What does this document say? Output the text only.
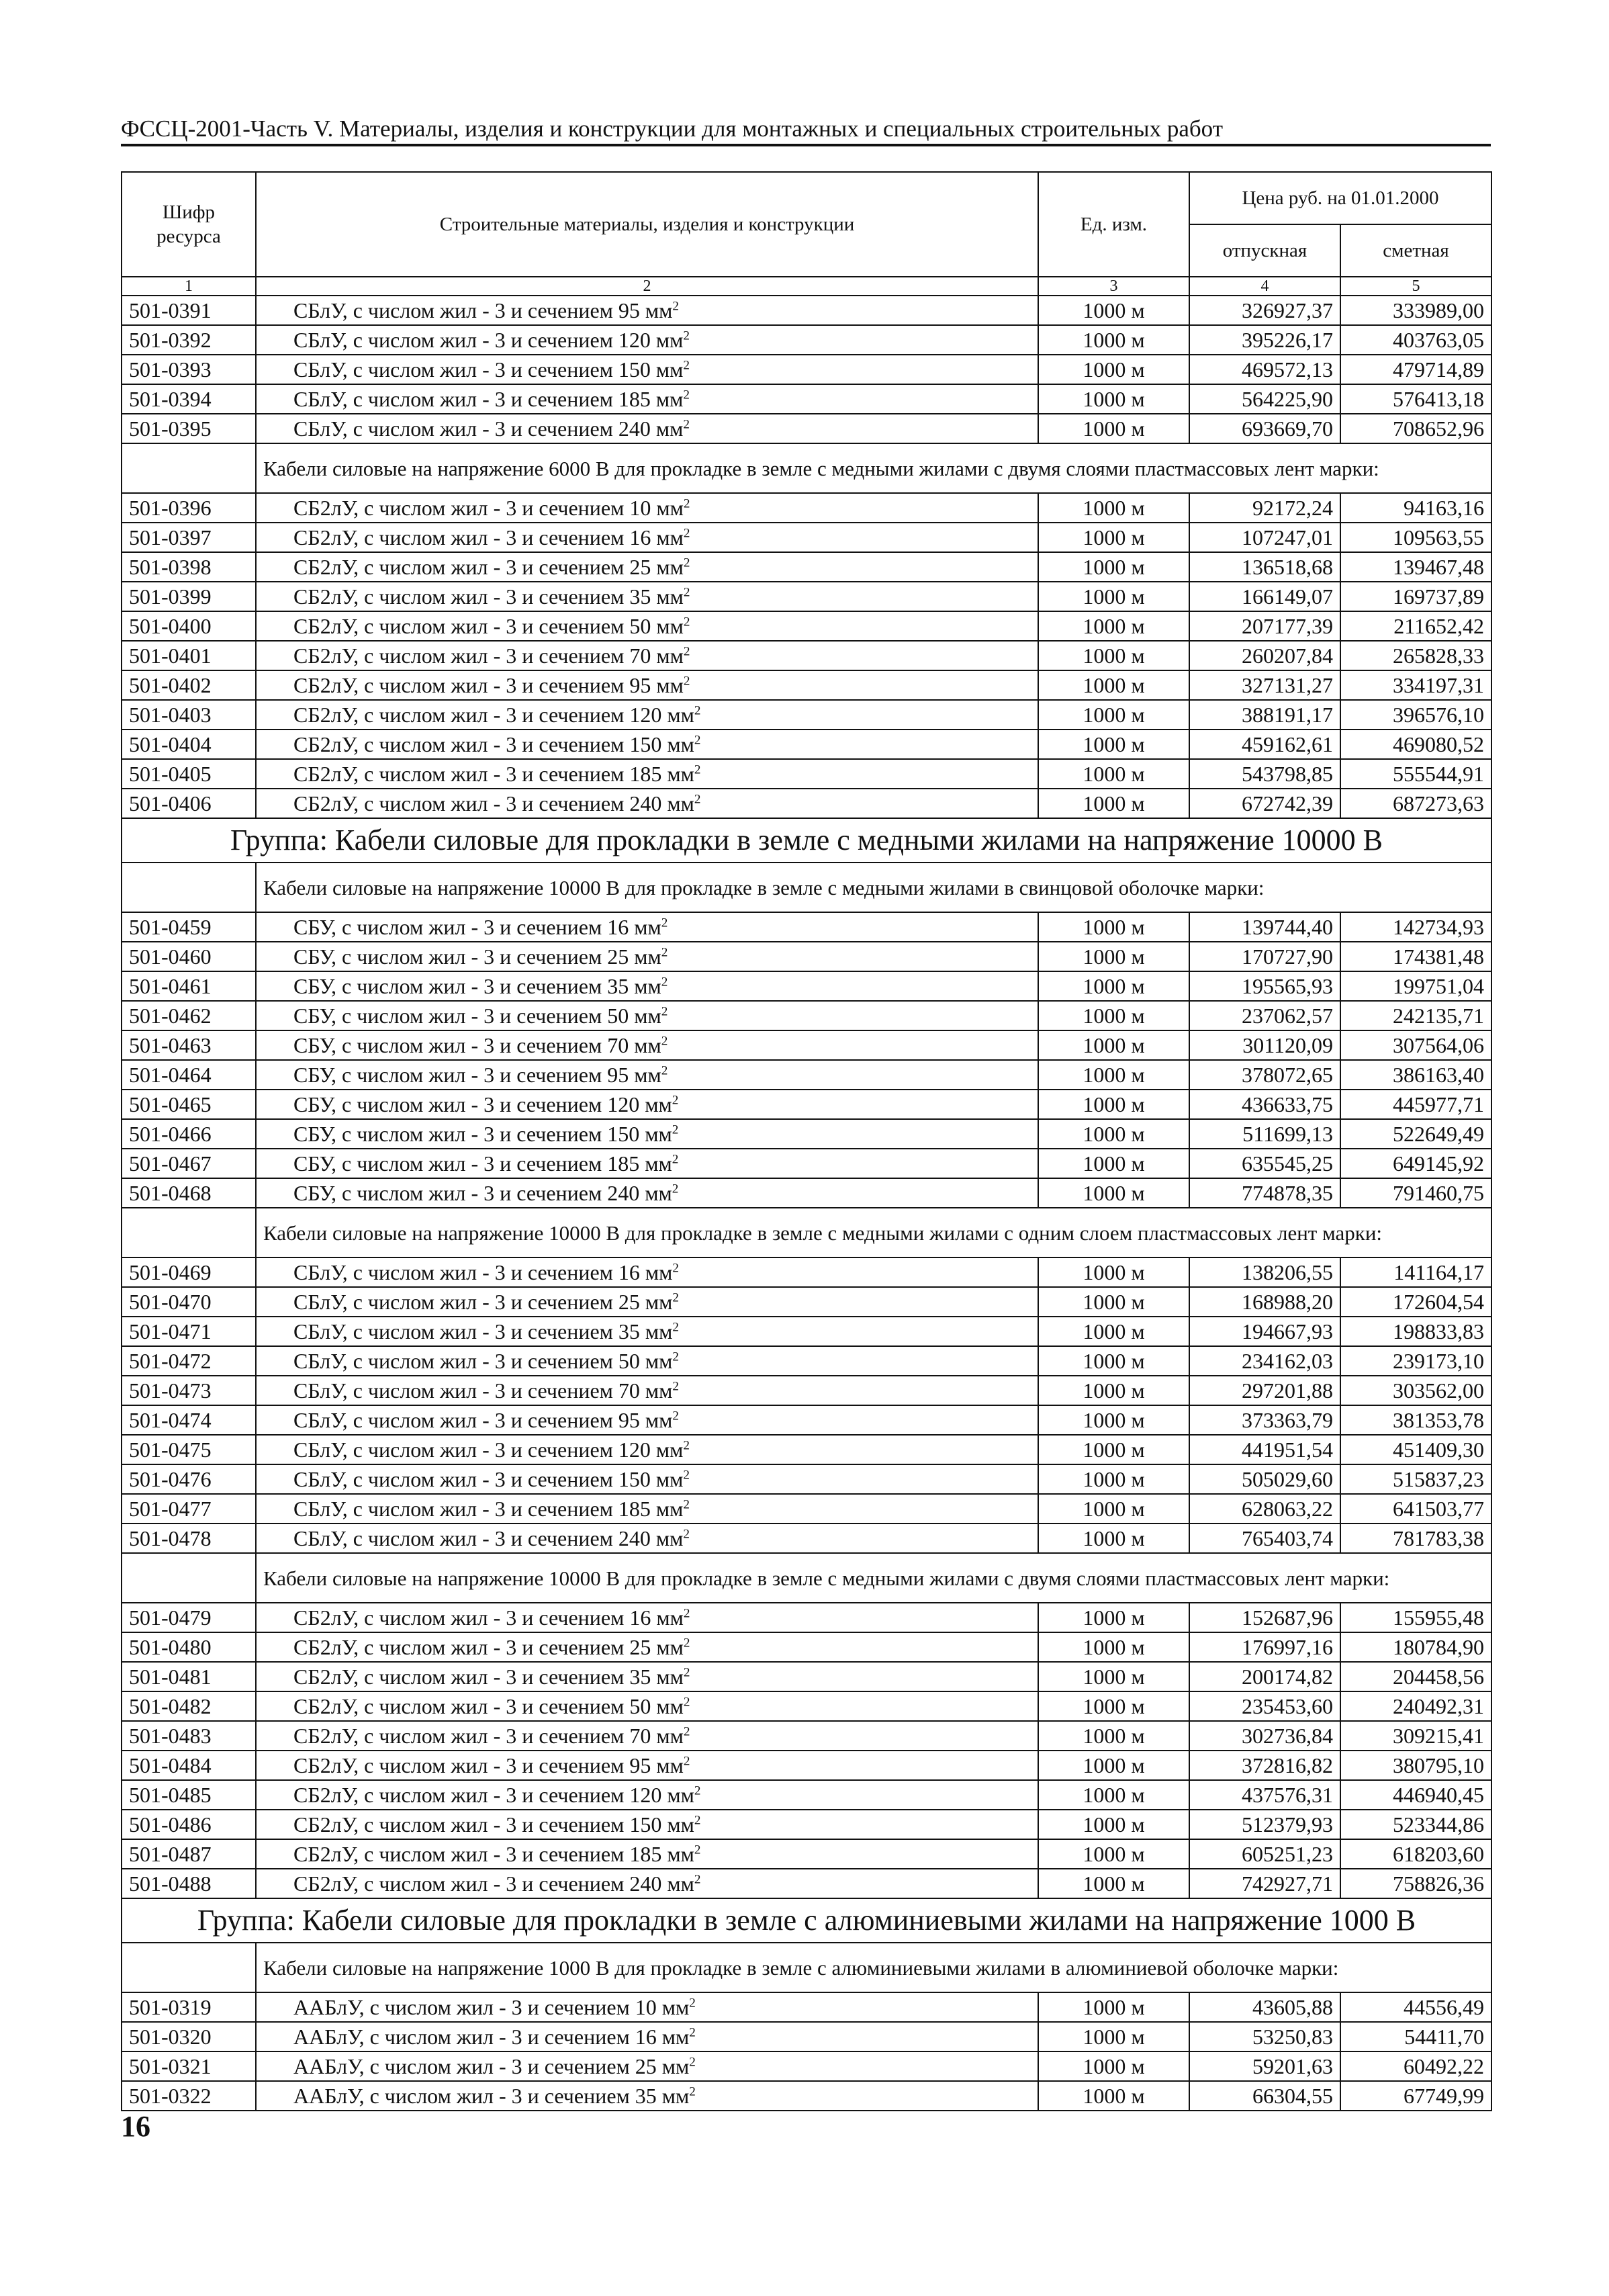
ФССЦ-2001-Часть V. Материалы, изделия и конструкции для монтажных и специальных строительных работ
Шифр ресурса	Строительные материалы, изделия и конструкции	Ед. изм.	Цена руб. на 01.01.2000	
			отпускная	сметная
1	2	3	4	5
501-0391	СБлУ, с числом жил - 3 и сечением 95 $мм^2$	1000 м	326927,37	333989,00
501-0392	СБлУ, с числом жил - 3 и сечением 120 $мм^2$	1000 м	395226,17	403763,05
501-0393	СБлУ, с числом жил - 3 и сечением 150 $мм^2$	1000 м	469572,13	479714,89
501-0394	СБлУ, с числом жил - 3 и сечением 185 $мм^2$	1000 м	564225,90	576413,18
501-0395	СБлУ, с числом жил - 3 и сечением 240 $мм^2$	1000 м	693669,70	708652,96
	Кабели силовые на напряжение 6000 В для прокладке в земле с медными жилами с двумя слоями пластмассовых лент марки:			
501-0396	СБ2лУ, с числом жил - 3 и сечением 10 $мм^2$	1000 м	92172,24	94163,16
501-0397	СБ2лУ, с числом жил - 3 и сечением 16 $мм^2$	1000 м	107247,01	109563,55
501-0398	СБ2лУ, с числом жил - 3 и сечением 25 $мм^2$	1000 м	136518,68	139467,48
501-0399	СБ2лУ, с числом жил - 3 и сечением 35 $мм^2$	1000 м	166149,07	169737,89
501-0400	СБ2лУ, с числом жил - 3 и сечением 50 $мм^2$	1000 м	207177,39	211652,42
501-0401	СБ2лУ, с числом жил - 3 и сечением 70 $мм^2$	1000 м	260207,84	265828,33
501-0402	СБ2лУ, с числом жил - 3 и сечением 95 $мм^2$	1000 м	327131,27	334197,31
501-0403	СБ2лУ, с числом жил - 3 и сечением 120 $мм^2$	1000 м	388191,17	396576,10
501-0404	СБ2лУ, с числом жил - 3 и сечением 150 $мм^2$	1000 м	459162,61	469080,52
501-0405	СБ2лУ, с числом жил - 3 и сечением 185 $мм^2$	1000 м	543798,85	555544,91
501-0406	СБ2лУ, с числом жил - 3 и сечением 240 $мм^2$	1000 м	672742,39	687273,63
Группа: Кабели силовые для прокладки в земле с медными жилами на напряжение 10000 В				
	Кабели силовые на напряжение 10000 В для прокладке в земле с медными жилами в свинцовой оболочке марки:			
501-0459	СБУ, с числом жил - 3 и сечением 16 $мм^2$	1000 м	139744,40	142734,93
501-0460	СБУ, с числом жил - 3 и сечением 25 $мм^2$	1000 м	170727,90	174381,48
501-0461	СБУ, с числом жил - 3 и сечением 35 $мм^2$	1000 м	195565,93	199751,04
501-0462	СБУ, с числом жил - 3 и сечением 50 $мм^2$	1000 м	237062,57	242135,71
501-0463	СБУ, с числом жил - 3 и сечением 70 $мм^2$	1000 м	301120,09	307564,06
501-0464	СБУ, с числом жил - 3 и сечением 95 $мм^2$	1000 м	378072,65	386163,40
501-0465	СБУ, с числом жил - 3 и сечением 120 $мм^2$	1000 м	436633,75	445977,71
501-0466	СБУ, с числом жил - 3 и сечением 150 $мм^2$	1000 м	511699,13	522649,49
501-0467	СБУ, с числом жил - 3 и сечением 185 $мм^2$	1000 м	635545,25	649145,92
501-0468	СБУ, с числом жил - 3 и сечением 240 $мм^2$	1000 м	774878,35	791460,75
	Кабели силовые на напряжение 10000 В для прокладке в земле с медными жилами с одним слоем пластмассовых лент марки:			
501-0469	СБлУ, с числом жил - 3 и сечением 16 $мм^2$	1000 м	138206,55	141164,17
501-0470	СБлУ, с числом жил - 3 и сечением 25 $мм^2$	1000 м	168988,20	172604,54
501-0471	СБлУ, с числом жил - 3 и сечением 35 $мм^2$	1000 м	194667,93	198833,83
501-0472	СБлУ, с числом жил - 3 и сечением 50 $мм^2$	1000 м	234162,03	239173,10
501-0473	СБлУ, с числом жил - 3 и сечением 70 $мм^2$	1000 м	297201,88	303562,00
501-0474	СБлУ, с числом жил - 3 и сечением 95 $мм^2$	1000 м	373363,79	381353,78
501-0475	СБлУ, с числом жил - 3 и сечением 120 $мм^2$	1000 м	441951,54	451409,30
501-0476	СБлУ, с числом жил - 3 и сечением 150 $мм^2$	1000 м	505029,60	515837,23
501-0477	СБлУ, с числом жил - 3 и сечением 185 $мм^2$	1000 м	628063,22	641503,77
501-0478	СБлУ, с числом жил - 3 и сечением 240 $мм^2$	1000 м	765403,74	781783,38
	Кабели силовые на напряжение 10000 В для прокладке в земле с медными жилами с двумя слоями пластмассовых лент марки:			
501-0479	СБ2лУ, с числом жил - 3 и сечением 16 $мм^2$	1000 м	152687,96	155955,48
501-0480	СБ2лУ, с числом жил - 3 и сечением 25 $мм^2$	1000 м	176997,16	180784,90
501-0481	СБ2лУ, с числом жил - 3 и сечением 35 $мм^2$	1000 м	200174,82	204458,56
501-0482	СБ2лУ, с числом жил - 3 и сечением 50 $мм^2$	1000 м	235453,60	240492,31
501-0483	СБ2лУ, с числом жил - 3 и сечением 70 $мм^2$	1000 м	302736,84	309215,41
501-0484	СБ2лУ, с числом жил - 3 и сечением 95 $мм^2$	1000 м	372816,82	380795,10
501-0485	СБ2лУ, с числом жил - 3 и сечением 120 $мм^2$	1000 м	437576,31	446940,45
501-0486	СБ2лУ, с числом жил - 3 и сечением 150 $мм^2$	1000 м	512379,93	523344,86
501-0487	СБ2лУ, с числом жил - 3 и сечением 185 $мм^2$	1000 м	605251,23	618203,60
501-0488	СБ2лУ, с числом жил - 3 и сечением 240 $мм^2$	1000 м	742927,71	758826,36
Группа: Кабели силовые для прокладки в земле с алюминиевыми жилами на напряжение 1000 В				
	Кабели силовые на напряжение 1000 В для прокладке в земле с алюминиевыми жилами в алюминиевой оболочке марки:			
501-0319	ААБлУ, с числом жил - 3 и сечением 10 $мм^2$	1000 м	43605,88	44556,49
501-0320	ААБлУ, с числом жил - 3 и сечением 16 $мм^2$	1000 м	53250,83	54411,70
501-0321	ААБлУ, с числом жил - 3 и сечением 25 $мм^2$	1000 м	59201,63	60492,22
501-0322	ААБлУ, с числом жил - 3 и сечением 35 $мм^2$	1000 м	66304,55	67749,99
16
